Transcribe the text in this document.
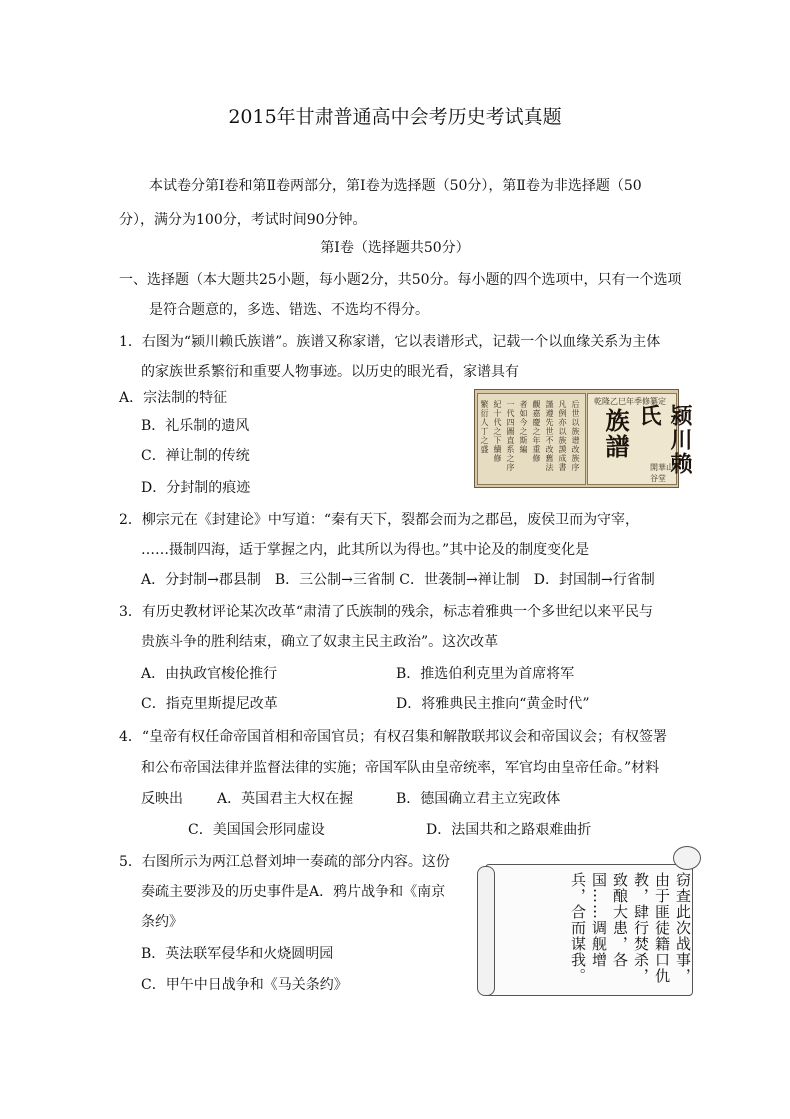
2015年甘肃普通高中会考历史考试真题
本试卷分第Ⅰ卷和第Ⅱ卷两部分，第Ⅰ卷为选择题（50分），第Ⅱ卷为非选择题（50
分），满分为100分，考试时间90分钟。
第Ⅰ卷（选择题共50分）
一、选择题（本大题共25小题，每小题2分，共50分。每小题的四个选项中，只有一个选项
是符合题意的，多选、错选、不选均不得分。
1．右图为“颍川赖氏族谱”。族谱又称家谱，它以表谱形式，记载一个以血缘关系为主体
的家族世系繁衍和重要人物事迹。以历史的眼光看，家谱具有
A．宗法制的特征
B．礼乐制的遗风
C．禅让制的传统
D．分封制的痕迹
后世以族谱改族序
凡例亦以族謨成書
謹遵先世不改舊法
觀嘉慶之年重修
者如今之斯編
一代四圖直系之序
紀十代之下續修
繁衍人丁之盛	乾隆乙巳年季修纂定
颍川赖氏
族譜
開華山谷堂
2．柳宗元在《封建论》中写道：“秦有天下，裂都会而为之郡邑，废侯卫而为守宰，
……摄制四海，适于掌握之内，此其所以为得也。”其中论及的制度变化是
A．分封制→郡县制　B．三公制→三省制 C．世袭制→禅让制　D．封国制→行省制
3．有历史教材评论某次改革“肃清了氏族制的残余，标志着雅典一个多世纪以来平民与
贵族斗争的胜利结束，确立了奴隶主民主政治”。这次改革
A．由执政官梭伦推行	B．推选伯利克里为首席将军
C．指克里斯提尼改革	D．将雅典民主推向“黄金时代”
4．“皇帝有权任命帝国首相和帝国官员；有权召集和解散联邦议会和帝国议会；有权签署
和公布帝国法律并监督法律的实施；帝国军队由皇帝统率，军官均由皇帝任命。”材料
反映出 A．英国君主大权在握	B．德国确立君主立宪政体
C．美国国会形同虚设	D．法国共和之路艰难曲折
5．右图所示为两江总督刘坤一奏疏的部分内容。这份
奏疏主要涉及的历史事件是A．鸦片战争和《南京
条约》
B．英法联军侵华和火烧圆明园
C．甲午中日战争和《马关条约》
窃查此次战事，由于匪徒籍口仇教，肆行焚杀，致酿大患，各国……调舰增兵，合而谋我。
